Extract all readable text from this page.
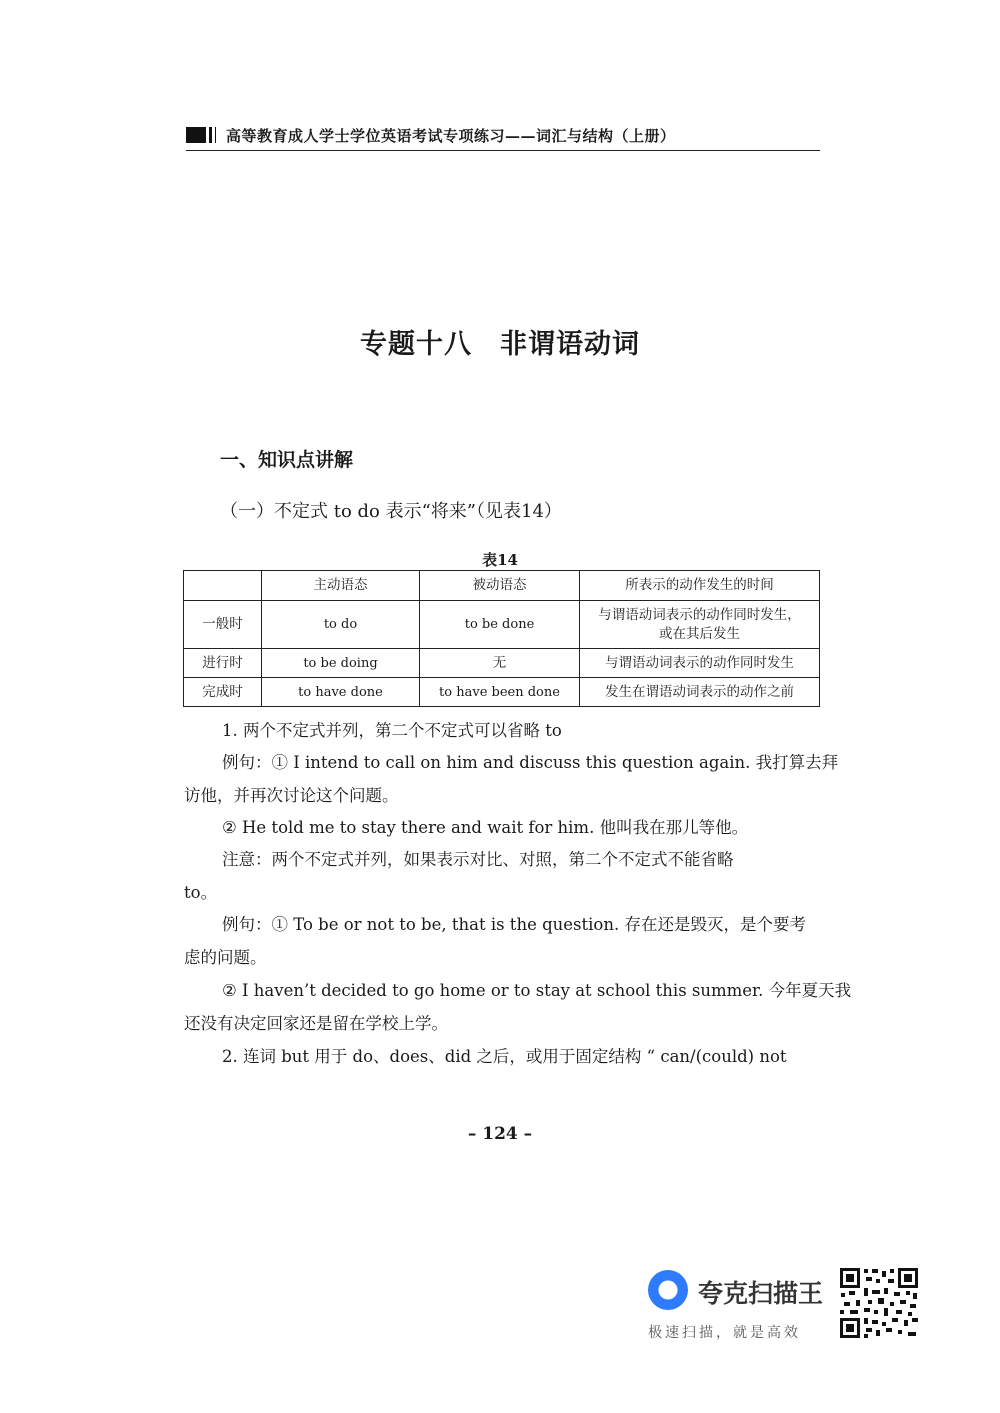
高等教育成人学士学位英语考试专项练习——词汇与结构（上册）
专题十八　非谓语动词
一、知识点讲解
（一）不定式 to do 表示“将来”（见表14）
表14
	主动语态	被动语态	所表示的动作发生的时间
一般时	to do	to be done	与谓语动词表示的动作同时发生，
或在其后发生

进行时	to be doing	无	与谓语动词表示的动作同时发生
完成时	to have done	to have been done	发生在谓语动词表示的动作之前
1. 两个不定式并列，第二个不定式可以省略 to
例句：① I intend to call on him and discuss this question again. 我打算去拜
访他，并再次讨论这个问题。
② He told me to stay there and wait for him. 他叫我在那儿等他。
注意：两个不定式并列，如果表示对比、对照，第二个不定式不能省略
to。
例句：① To be or not to be, that is the question. 存在还是毁灭，是个要考
虑的问题。
② I haven’t decided to go home or to stay at school this summer. 今年夏天我
还没有决定回家还是留在学校上学。
2. 连词 but 用于 do、does、did 之后，或用于固定结构 “ can/(could) not
– 124 –
夸克扫描王
极速扫描，就是高效
